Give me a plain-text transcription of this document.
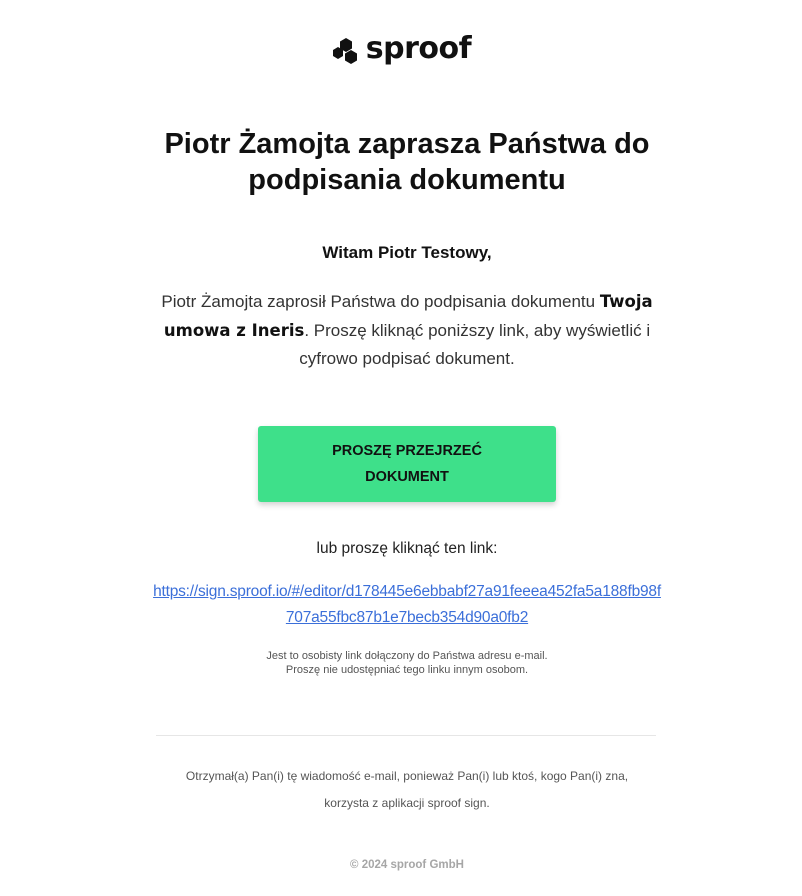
sproof
Piotr Żamojta zaprasza Państwa do podpisania dokumentu
Witam Piotr Testowy,
Piotr Żamojta zaprosił Państwa do podpisania dokumentu Twoja umowa z Ineris. Proszę kliknąć poniższy link, aby wyświetlić i cyfrowo podpisać dokument.
PROSZĘ PRZEJRZEĆ DOKUMENT
lub proszę kliknąć ten link:
https://sign.sproof.io/#/editor/d178445e6ebbabf27a91feeea452fa5a188fb98f707a55fbc87b1e7becb354d90a0fb2
Jest to osobisty link dołączony do Państwa adresu e-mail.
Proszę nie udostępniać tego linku innym osobom.
Otrzymał(a) Pan(i) tę wiadomość e-mail, ponieważ Pan(i) lub ktoś, kogo Pan(i) zna,
korzysta z aplikacji sproof sign.
© 2024 sproof GmbH
